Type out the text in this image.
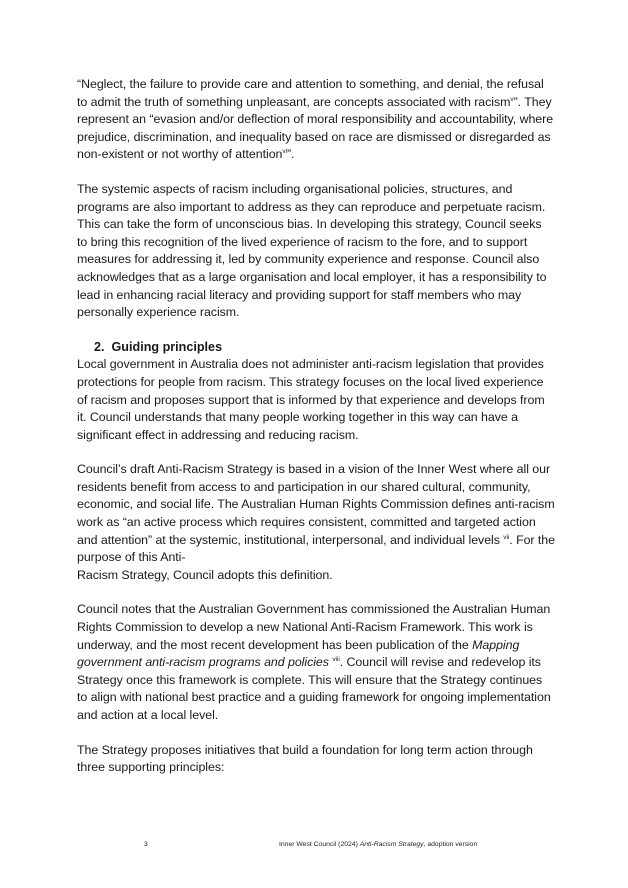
“Neglect, the failure to provide care and attention to something, and denial, the refusal to admit the truth of something unpleasant, are concepts associated with racism$^v$”. They represent an “evasion and/or deflection of moral responsibility and accountability, where prejudice, discrimination, and inequality based on race are dismissed or disregarded as non-existent or not worthy of attention$^{vi}$”.

The systemic aspects of racism including organisational policies, structures, and programs are also important to address as they can reproduce and perpetuate racism. This can take the form of unconscious bias. In developing this strategy, Council seeks to bring this recognition of the lived experience of racism to the fore, and to support measures for addressing it, led by community experience and response. Council also acknowledges that as a large organisation and local employer, it has a responsibility to lead in enhancing racial literacy and providing support for staff members who may personally experience racism.

2. Guiding principles

Local government in Australia does not administer anti-racism legislation that provides protections for people from racism. This strategy focuses on the local lived experience of racism and proposes support that is informed by that experience and develops from it. Council understands that many people working together in this way can have a significant effect in addressing and reducing racism.

Council’s draft Anti-Racism Strategy is based in a vision of the Inner West where all our residents benefit from access to and participation in our shared cultural, community, economic, and social life. The Australian Human Rights Commission defines anti-racism work as “an active process which requires consistent, committed and targeted action and attention” at the systemic, institutional, interpersonal, and individual levels $^{vii}$. For the purpose of this Anti-
Racism Strategy, Council adopts this definition.

Council notes that the Australian Government has commissioned the Australian Human Rights Commission to develop a new National Anti-Racism Framework. This work is underway, and the most recent development has been publication of the Mapping government anti-racism programs and policies $^{viii}$. Council will revise and redevelop its Strategy once this framework is complete. This will ensure that the Strategy continues to align with national best practice and a guiding framework for ongoing implementation and action at a local level.

The Strategy proposes initiatives that build a foundation for long term action through three supporting principles:

3	Inner West Council (2024) Anti-Racism Strategy, adoption version
